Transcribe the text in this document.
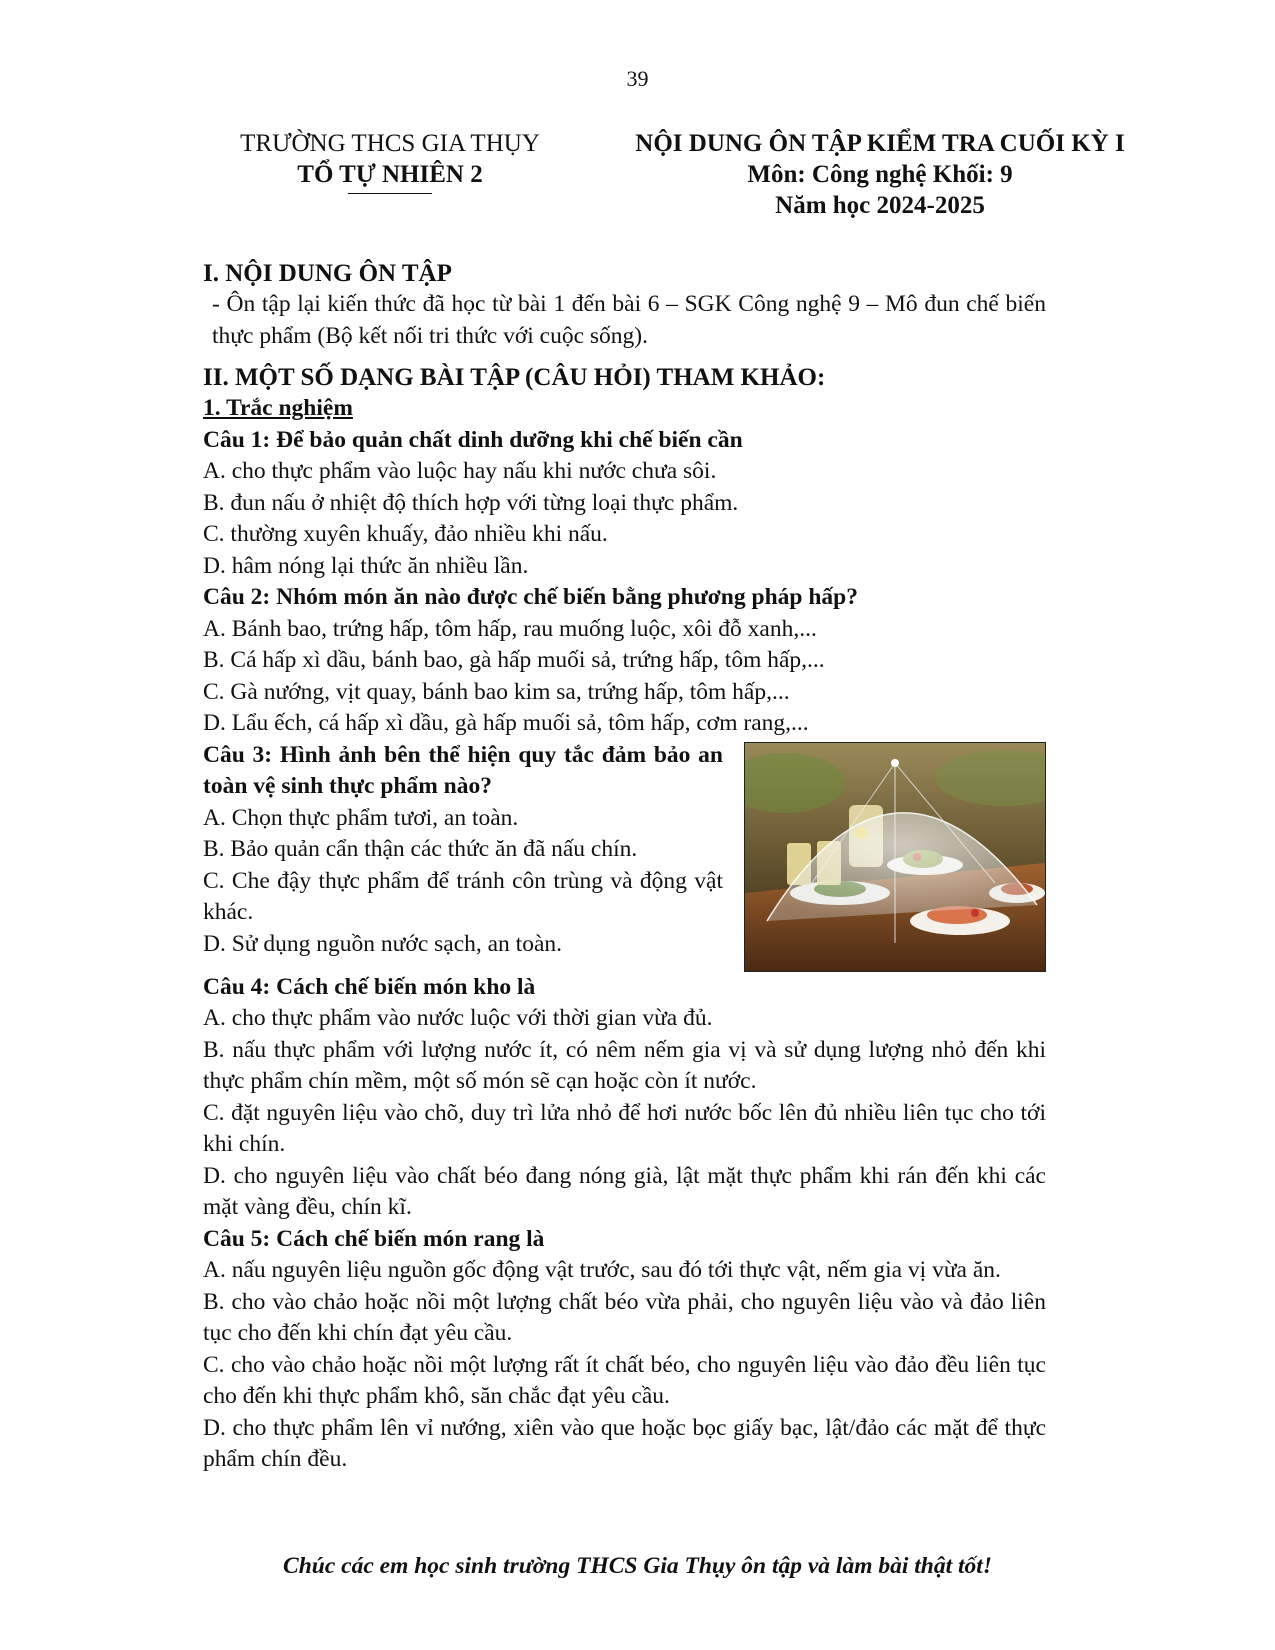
39
TRƯỜNG THCS GIA THỤY
TỔ TỰ NHIÊN 2
NỘI DUNG ÔN TẬP KIỂM TRA CUỐI KỲ I
Môn: Công nghệ Khối: 9
Năm học 2024-2025

I. NỘI DUNG ÔN TẬP

- Ôn tập lại kiến thức đã học từ bài 1 đến bài 6 – SGK Công nghệ 9 – Mô đun chế biến thực phẩm (Bộ kết nối tri thức với cuộc sống).

II. MỘT SỐ DẠNG BÀI TẬP (CÂU HỎI) THAM KHẢO:

1. Trắc nghiệm

Câu 1: Để bảo quản chất dinh dưỡng khi chế biến cần

A. cho thực phẩm vào luộc hay nấu khi nước chưa sôi.

B. đun nấu ở nhiệt độ thích hợp với từng loại thực phẩm.

C. thường xuyên khuấy, đảo nhiều khi nấu.

D. hâm nóng lại thức ăn nhiều lần.

Câu 2: Nhóm món ăn nào được chế biến bằng phương pháp hấp?

A. Bánh bao, trứng hấp, tôm hấp, rau muống luộc, xôi đỗ xanh,...

B. Cá hấp xì dầu, bánh bao, gà hấp muối sả, trứng hấp, tôm hấp,...

C. Gà nướng, vịt quay, bánh bao kim sa, trứng hấp, tôm hấp,...

D. Lẩu ếch, cá hấp xì dầu, gà hấp muối sả, tôm hấp, cơm rang,...

Câu 3: Hình ảnh bên thể hiện quy tắc đảm bảo an toàn vệ sinh thực phẩm nào?

A. Chọn thực phẩm tươi, an toàn.

B. Bảo quản cẩn thận các thức ăn đã nấu chín.

C. Che đậy thực phẩm để tránh côn trùng và động vật khác.

D. Sử dụng nguồn nước sạch, an toàn.

Câu 4: Cách chế biến món kho là

A. cho thực phẩm vào nước luộc với thời gian vừa đủ.

B. nấu thực phẩm với lượng nước ít, có nêm nếm gia vị và sử dụng lượng nhỏ đến khi thực phẩm chín mềm, một số món sẽ cạn hoặc còn ít nước.

C. đặt nguyên liệu vào chõ, duy trì lửa nhỏ để hơi nước bốc lên đủ nhiều liên tục cho tới khi chín.

D. cho nguyên liệu vào chất béo đang nóng già, lật mặt thực phẩm khi rán đến khi các mặt vàng đều, chín kĩ.

Câu 5: Cách chế biến món rang là

A. nấu nguyên liệu nguồn gốc động vật trước, sau đó tới thực vật, nếm gia vị vừa ăn.

B. cho vào chảo hoặc nồi một lượng chất béo vừa phải, cho nguyên liệu vào và đảo liên tục cho đến khi chín đạt yêu cầu.

C. cho vào chảo hoặc nồi một lượng rất ít chất béo, cho nguyên liệu vào đảo đều liên tục cho đến khi thực phẩm khô, săn chắc đạt yêu cầu.

D. cho thực phẩm lên vỉ nướng, xiên vào que hoặc bọc giấy bạc, lật/đảo các mặt để thực phẩm chín đều.

Chúc các em học sinh trường THCS Gia Thụy ôn tập và làm bài thật tốt!
